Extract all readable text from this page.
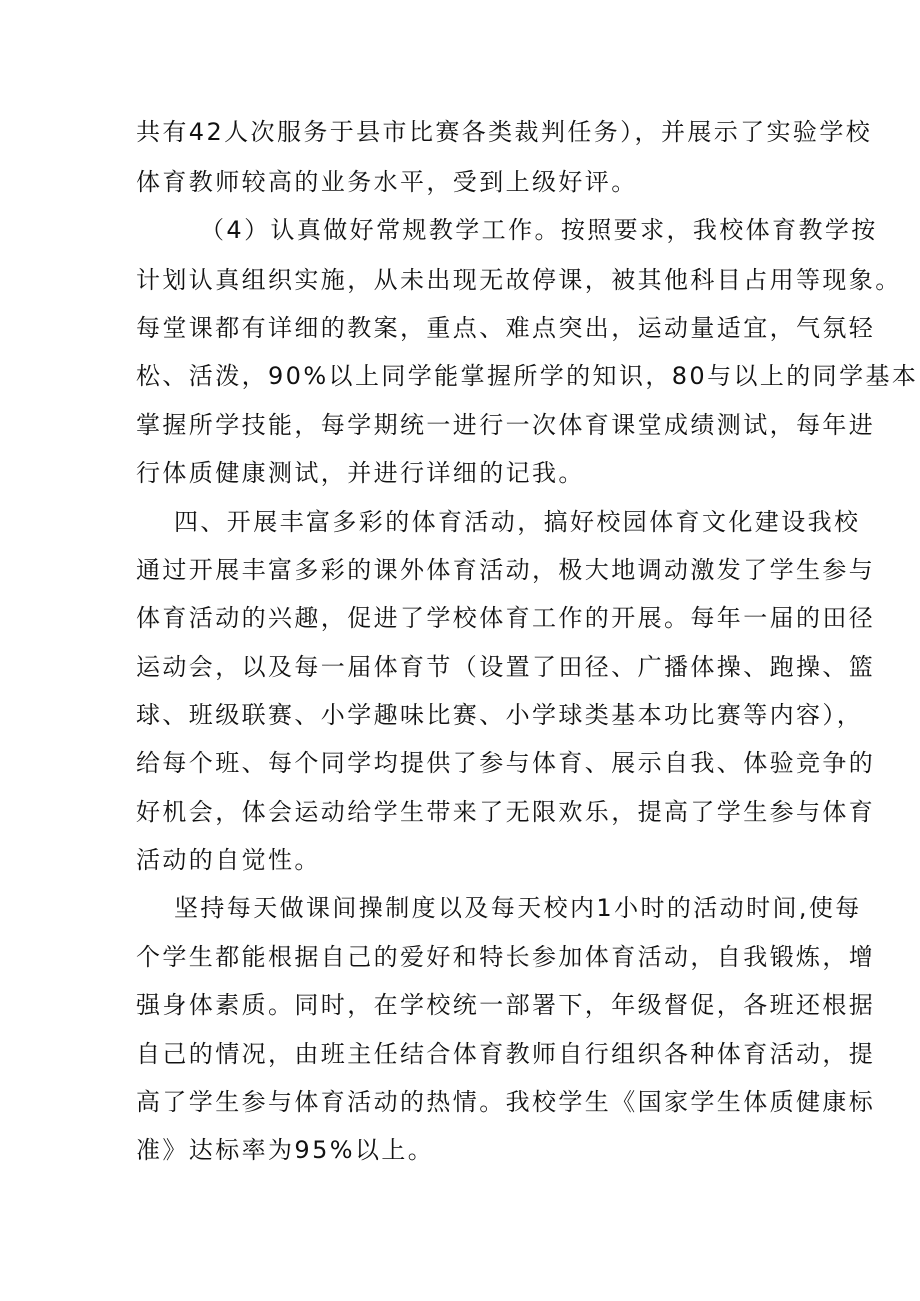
共有42人次服务于县市比赛各类裁判任务），并展示了实验学校
体育教师较高的业务水平，受到上级好评。
（4）认真做好常规教学工作。按照要求，我校体育教学按
计划认真组织实施，从未出现无故停课，被其他科目占用等现象。
每堂课都有详细的教案，重点、难点突出，运动量适宜，气氛轻
松、活泼，90%以上同学能掌握所学的知识，80与以上的同学基本
掌握所学技能，每学期统一进行一次体育课堂成绩测试，每年进
行体质健康测试，并进行详细的记我。
四、开展丰富多彩的体育活动，搞好校园体育文化建设我校
通过开展丰富多彩的课外体育活动，极大地调动激发了学生参与
体育活动的兴趣，促进了学校体育工作的开展。每年一届的田径
运动会，以及每一届体育节（设置了田径、广播体操、跑操、篮
球、班级联赛、小学趣味比赛、小学球类基本功比赛等内容），
给每个班、每个同学均提供了参与体育、展示自我、体验竞争的
好机会，体会运动给学生带来了无限欢乐，提高了学生参与体育
活动的自觉性。
坚持每天做课间操制度以及每天校内1小时的活动时间,使每
个学生都能根据自己的爱好和特长参加体育活动，自我锻炼，增
强身体素质。同时，在学校统一部署下，年级督促，各班还根据
自己的情况，由班主任结合体育教师自行组织各种体育活动，提
高了学生参与体育活动的热情。我校学生《国家学生体质健康标
准》达标率为95%以上。
